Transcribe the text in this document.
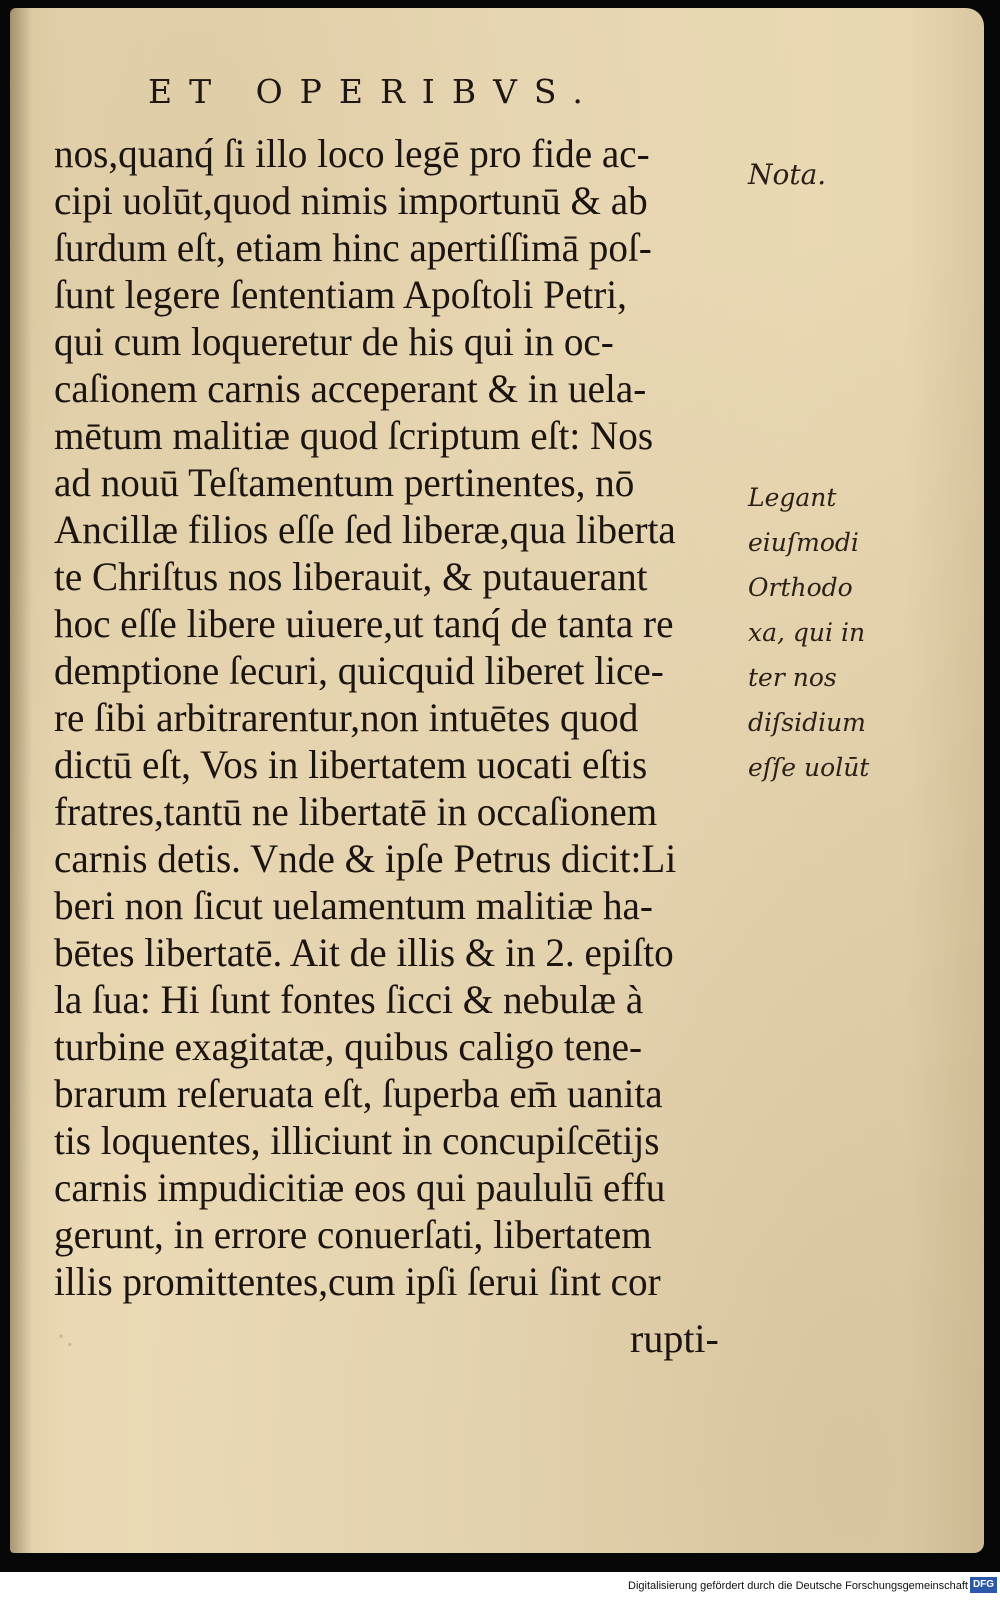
ET OPERIBVS.
nos,quanq́ ſi illo loco legē pro fide ac-
cipi uolūt,quod nimis importunū & ab
ſurdum eſt, etiam hinc apertiſſimā poſ-
ſunt legere ſententiam Apoſtoli Petri,
qui cum loqueretur de his qui in oc-
caſionem carnis acceperant & in uela-
mētum malitiæ quod ſcriptum eſt: Nos
ad nouū Teſtamentum pertinentes, nō
Ancillæ filios eſſe ſed liberæ,qua liberta
te Chriſtus nos liberauit, & putauerant
hoc eſſe libere uiuere,ut tanq́ de tanta re
demptione ſecuri, quicquid liberet lice-
re ſibi arbitrarentur,non intuētes quod
dictū eſt, Vos in libertatem uocati eſtis
fratres,tantū ne libertatē in occaſionem
carnis detis. Vnde & ipſe Petrus dicit:Li
beri non ſicut uelamentum malitiæ ha-
bētes libertatē. Ait de illis & in 2. epiſto
la ſua: Hi ſunt fontes ſicci & nebulæ à
turbine exagitatæ, quibus caligo tene-
brarum reſeruata eſt, ſuperba em̄ uanita
tis loquentes, illiciunt in concupiſcētijs
carnis impudicitiæ eos qui paululū effu
gerunt, in errore conuerſati, libertatem
illis promittentes,cum ipſi ſerui ſint cor
·.	rupti-
Nota.
Legant
eiuſmodi
Orthodo
xa, qui in
ter nos
diſsidium
eſſe uolūt
Digitalisierung gefördert durch die Deutsche Forschungsgemeinschaft DFG
